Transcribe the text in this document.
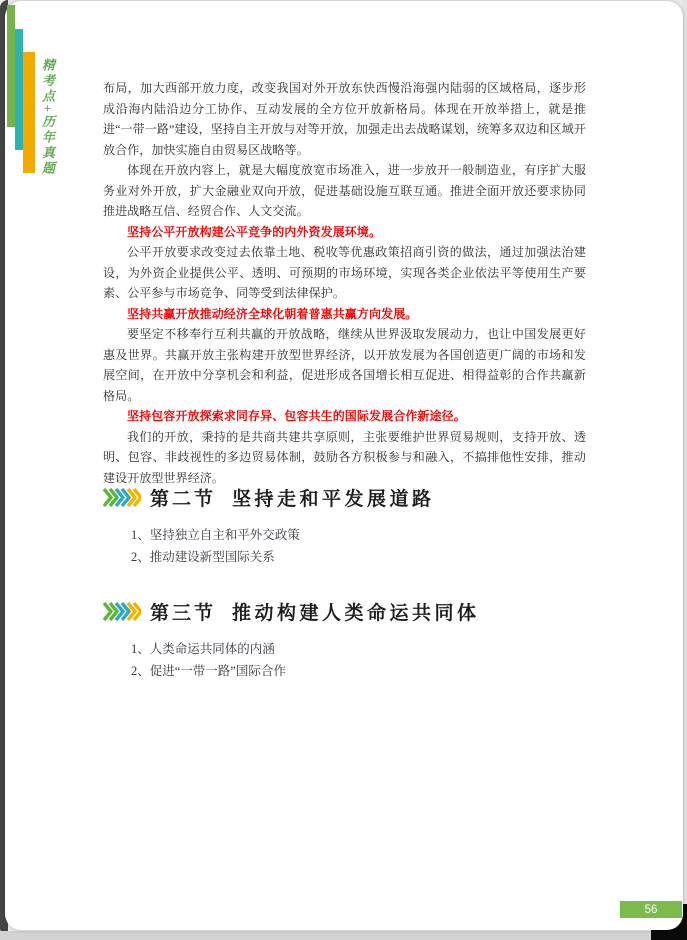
精考点+历年真题	布局，加大西部开放力度，改变我国对外开放东快西慢沿海强内陆弱的区域格局，逐步形成沿海内陆沿边分工协作、互动发展的全方位开放新格局。体现在开放举措上，就是推进“一带一路”建设，坚持自主开放与对等开放，加强走出去战略谋划，统筹多双边和区域开放合作，加快实施自由贸易区战略等。

体现在开放内容上，就是大幅度放宽市场准入，进一步放开一般制造业，有序扩大服务业对外开放，扩大金融业双向开放，促进基础设施互联互通。推进全面开放还要求协同推进战略互信、经贸合作、人文交流。

坚持公平开放构建公平竞争的内外资发展环境。

公平开放要求改变过去依靠土地、税收等优惠政策招商引资的做法，通过加强法治建设，为外资企业提供公平、透明、可预期的市场环境，实现各类企业依法平等使用生产要素、公平参与市场竞争、同等受到法律保护。

坚持共赢开放推动经济全球化朝着普惠共赢方向发展。

要坚定不移奉行互利共赢的开放战略，继续从世界汲取发展动力，也让中国发展更好惠及世界。共赢开放主张构建开放型世界经济，以开放发展为各国创造更广阔的市场和发展空间，在开放中分享机会和利益，促进形成各国增长相互促进、相得益彰的合作共赢新格局。

坚持包容开放探索求同存异、包容共生的国际发展合作新途径。

我们的开放，秉持的是共商共建共享原则，主张要维护世界贸易规则，支持开放、透明、包容、非歧视性的多边贸易体制，鼓励各方积极参与和融入，不搞排他性安排，推动建设开放型世界经济。

第二节 坚持走和平发展道路
1、坚持独立自主和平外交政策
2、推动建设新型国际关系
第三节 推动构建人类命运共同体
1、人类命运共同体的内涵
2、促进“一带一路”国际合作
56
